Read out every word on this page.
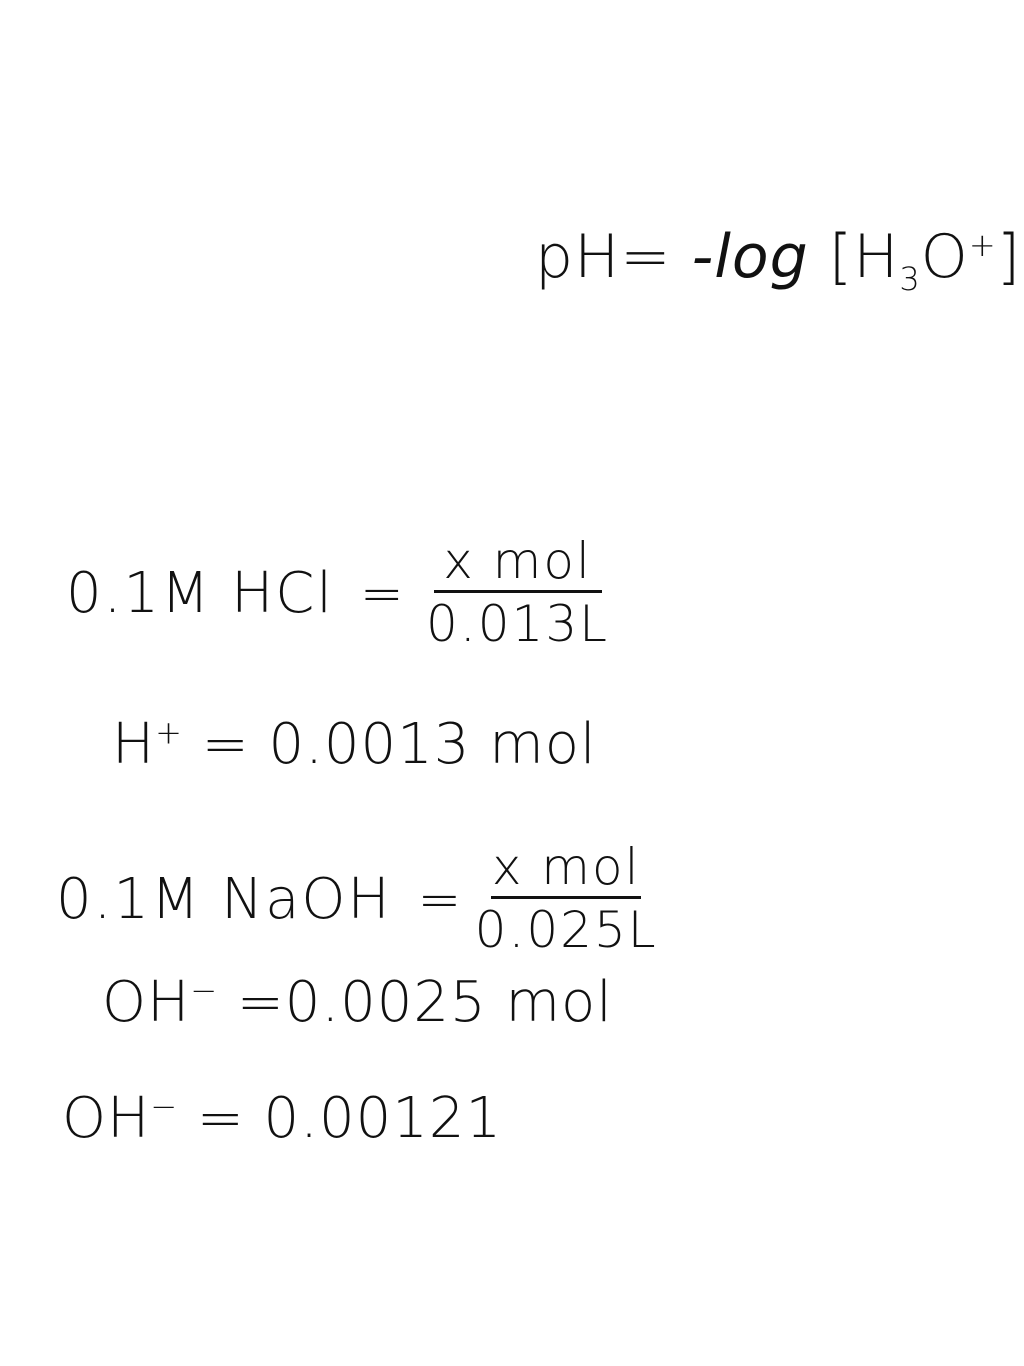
pH= -log $[H_3O^+]$
0.1M HCl = $\frac{\text{x mol}}{0.013L}$
H+ = 0.0013 mol
0.1M NaOH = $\frac{\text{x mol}}{0.025L}$
OH− =0.0025 mol
OH− = 0.00121
